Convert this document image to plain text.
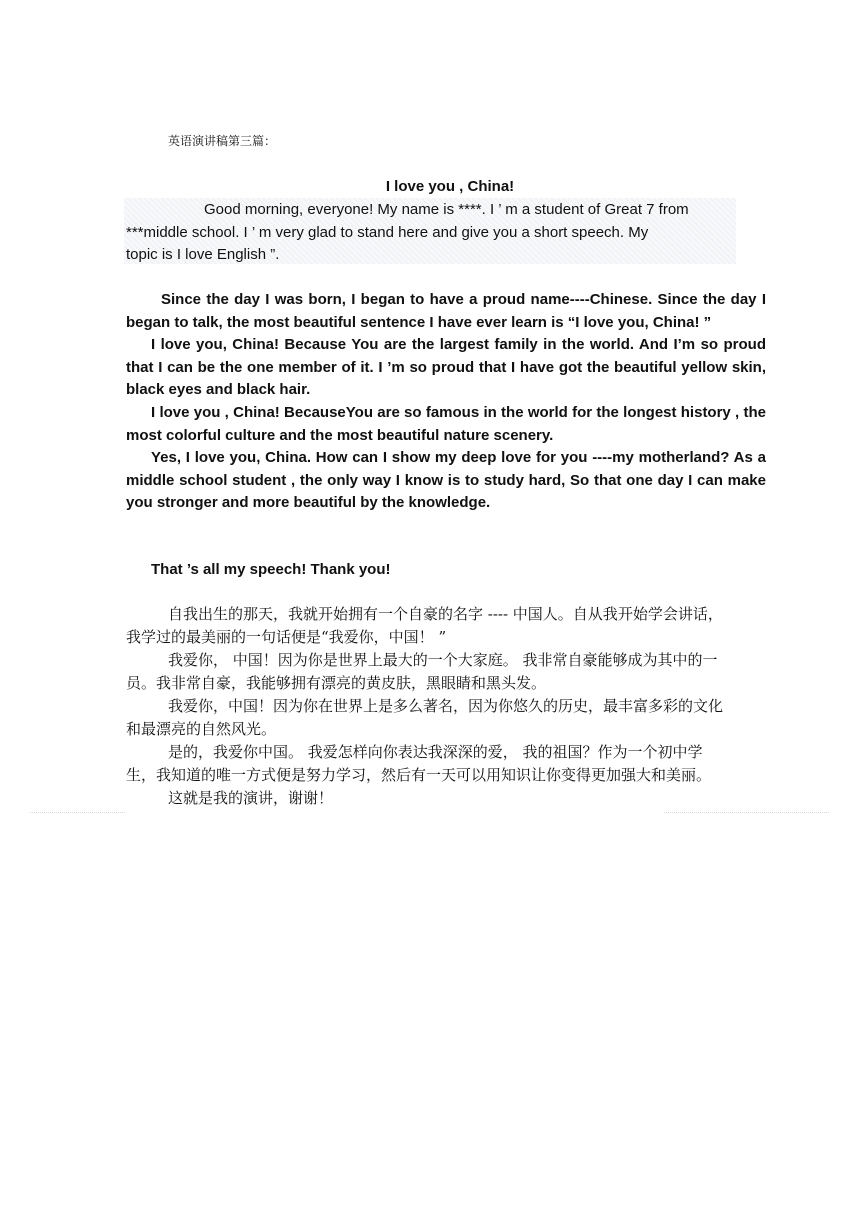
英语演讲稿第三篇：
I love you , China!
Good morning, everyone! My name is ****. I ’ m a student of Great 7 from
***middle school. I ’ m very glad to stand here and give you a short speech. My
topic is I love English ”.

Since the day I was born, I began to have a proud name----Chinese. Since the day I began to talk, the most beautiful sentence I have ever learn is “I love you, China! ”

I love you, China! Because You are the largest family in the world. And I’m so proud that I can be the one member of it. I ’m so proud that I have got the beautiful yellow skin, black eyes and black hair.

I love you , China! BecauseYou are so famous in the world for the longest history , the most colorful culture and the most beautiful nature scenery.

Yes, I love you, China. How can I show my deep love for you ----my motherland? As a middle school student , the only way I know is to study hard, So that one day I can make you stronger and more beautiful by the knowledge.

That ’s all my speech! Thank you!

自我出生的那天，我就开始拥有一个自豪的名字 ---- 中国人。自从我开始学会讲话，我学过的最美丽的一句话便是“我爱你，中国！ ”

我爱你， 中国！因为你是世界上最大的一个大家庭。 我非常自豪能够成为其中的一员。我非常自豪，我能够拥有漂亮的黄皮肤，黑眼睛和黑头发。

我爱你，中国！因为你在世界上是多么著名，因为你悠久的历史，最丰富多彩的文化和最漂亮的自然风光。

是的，我爱你中国。 我爱怎样向你表达我深深的爱， 我的祖国？作为一个初中学生，我知道的唯一方式便是努力学习，然后有一天可以用知识让你变得更加强大和美丽。

这就是我的演讲，谢谢！
